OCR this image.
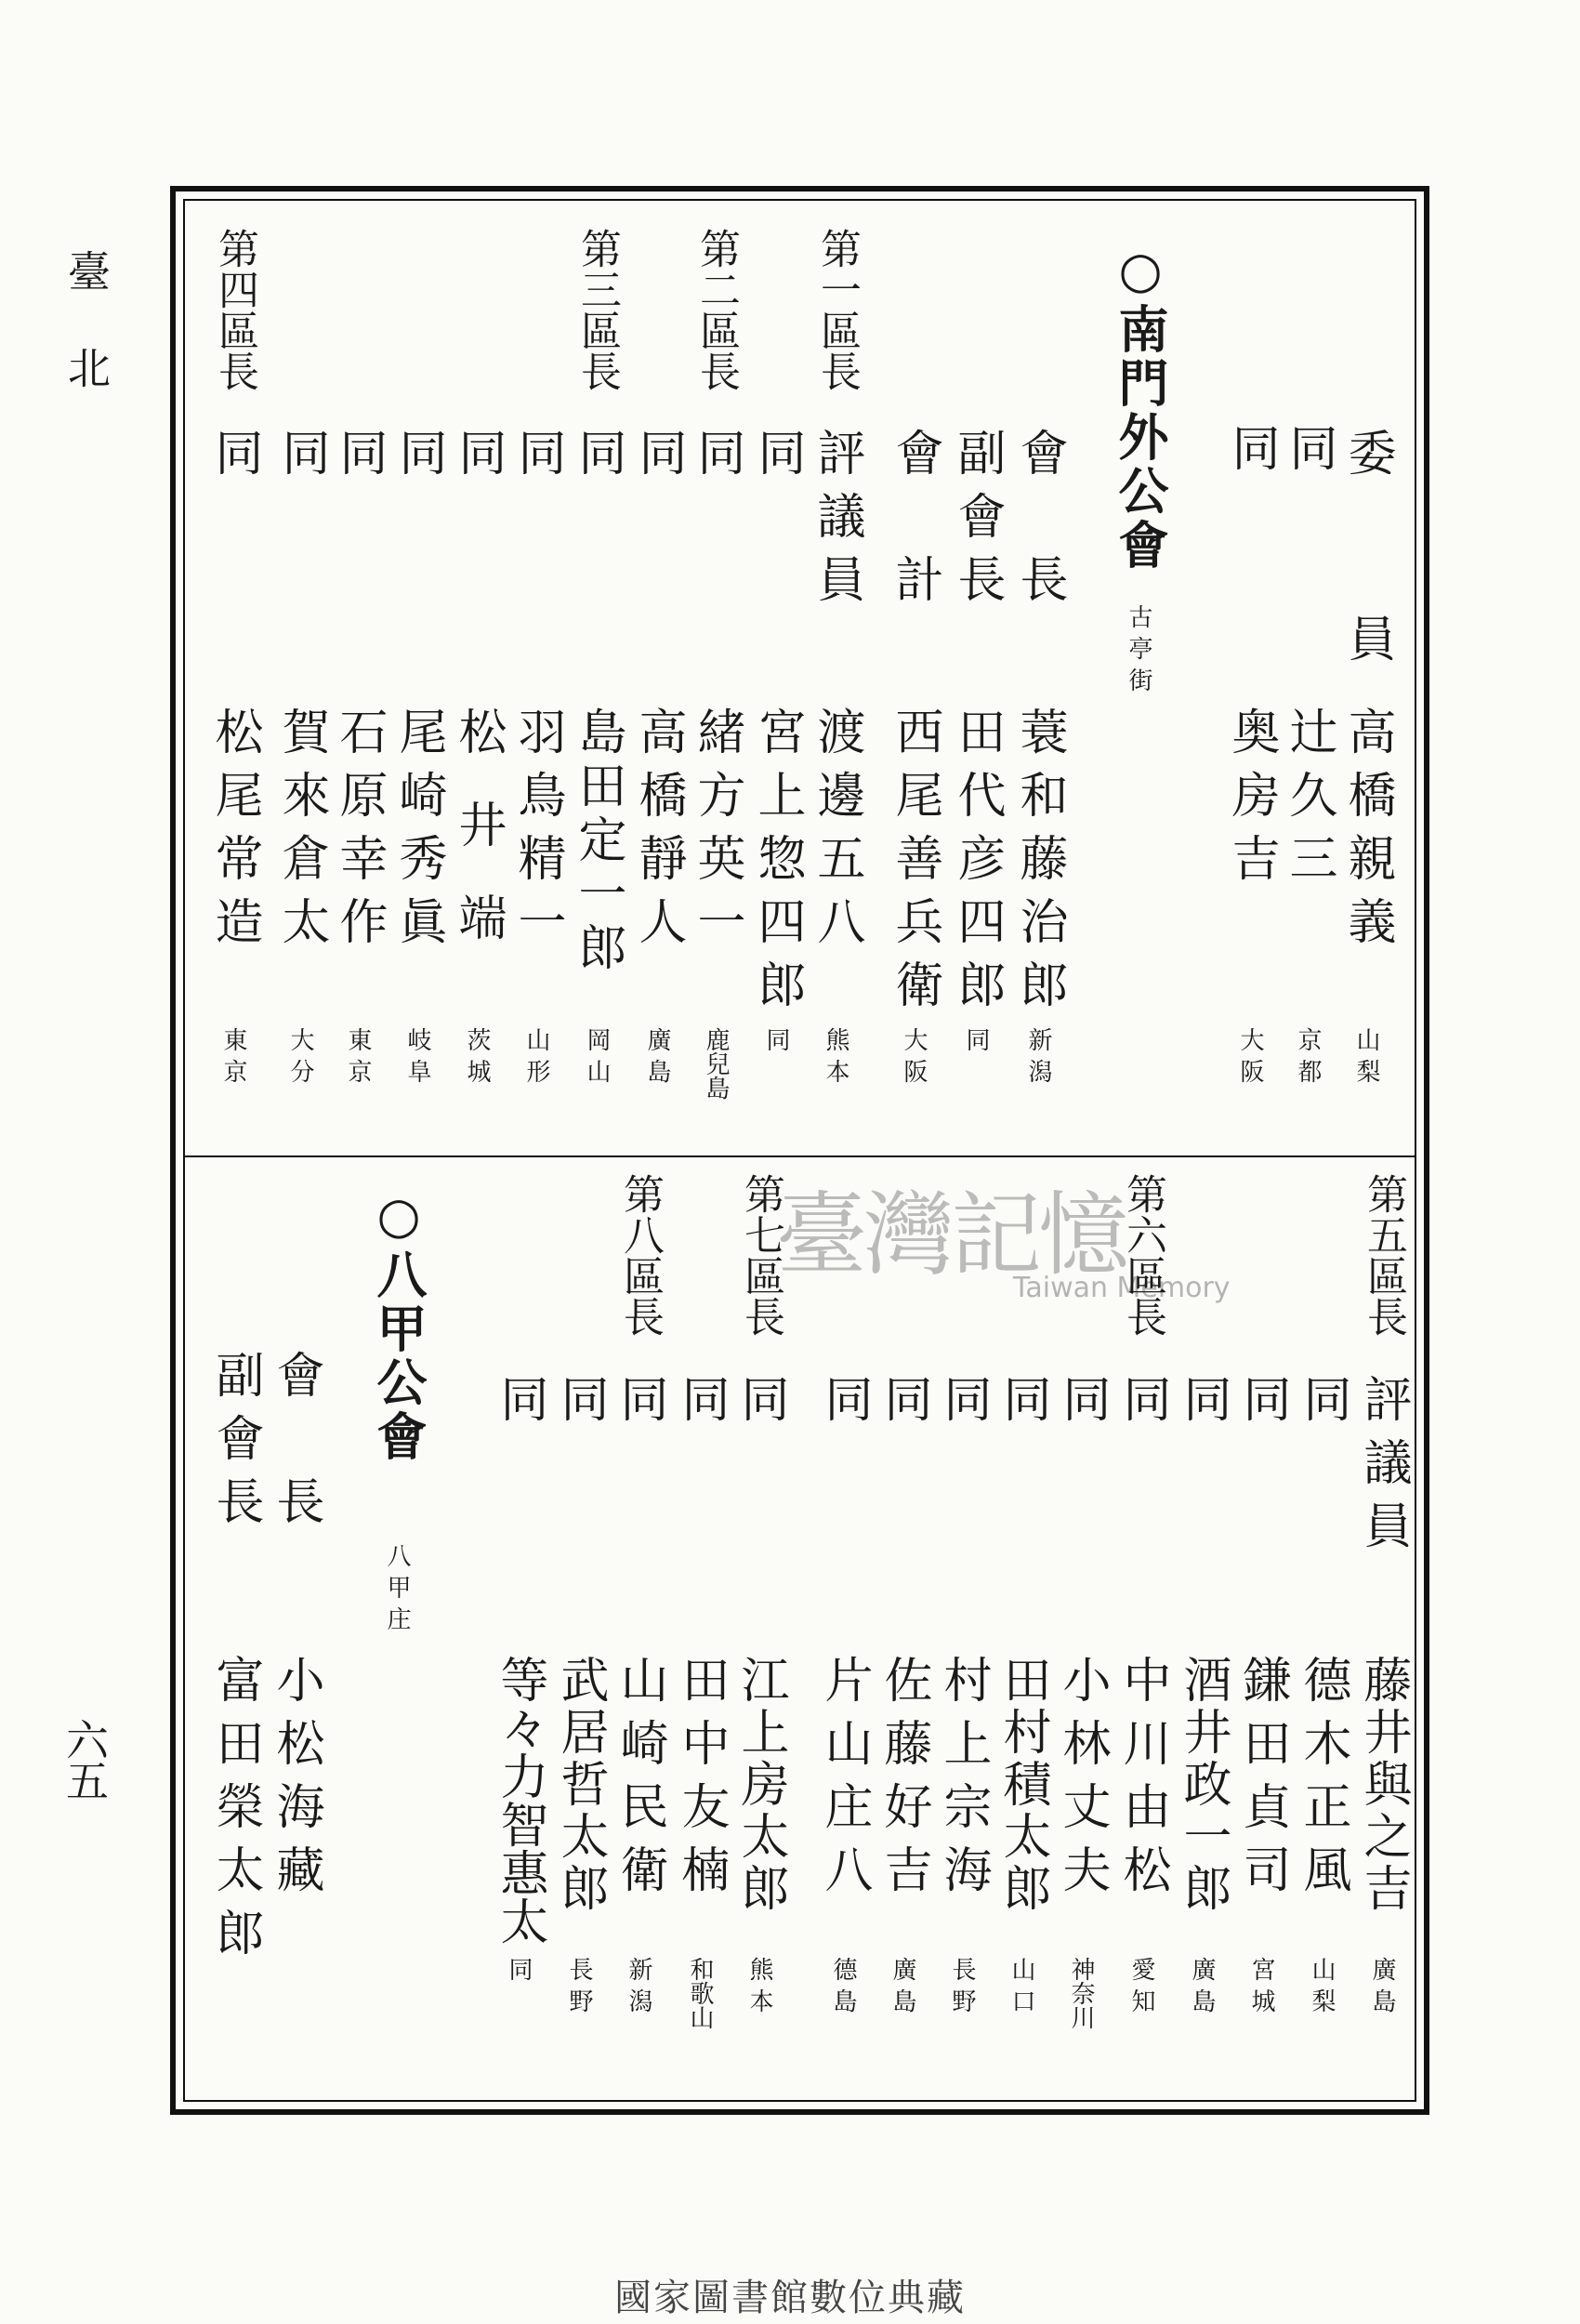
臺
北
六五
委
員
高橋親義
山梨
同
辻久三
京都
同
奥房吉
大阪
○南門外公會
古亭街
會　長
蓑和藤治郎
新潟
副會長
田代彦四郎
同
會　計
西尾善兵衛
大阪
第一區長
評議員
渡邊五八
熊本
同
宮上惣四郎
同
第二區長
同
緒方英一
鹿兒島
同
高橋靜人
廣島
第三區長
同
島田定一郎
岡山
同
羽鳥精一
山形
同
松井端
茨城
同
尾崎秀眞
岐阜
同
石原幸作
東京
同
賀來倉太
大分
第四區長
同
松尾常造
東京
臺灣記憶
Taiwan Memory	第五區長
評議員
藤井與之吉
廣島
同
德木正風
山梨
同
鎌田貞司
宮城
同
酒井政一郎
廣島
第六區長
同
中川由松
愛知
同
小林丈夫
神奈川
同
田村積太郎
山口
同
村上宗海
長野
同
佐藤好吉
廣島
同
片山庄八
德島
第七區長
同
江上房太郎
熊本
同
田中友楠
和歌山
第八區長
同
山崎民衛
新潟
同
武居哲太郎
長野
同
等々力智惠太
同
○八甲公會
八甲庄
會　長
小松海藏
副會長
富田榮太郎
國家圖書館數位典藏
